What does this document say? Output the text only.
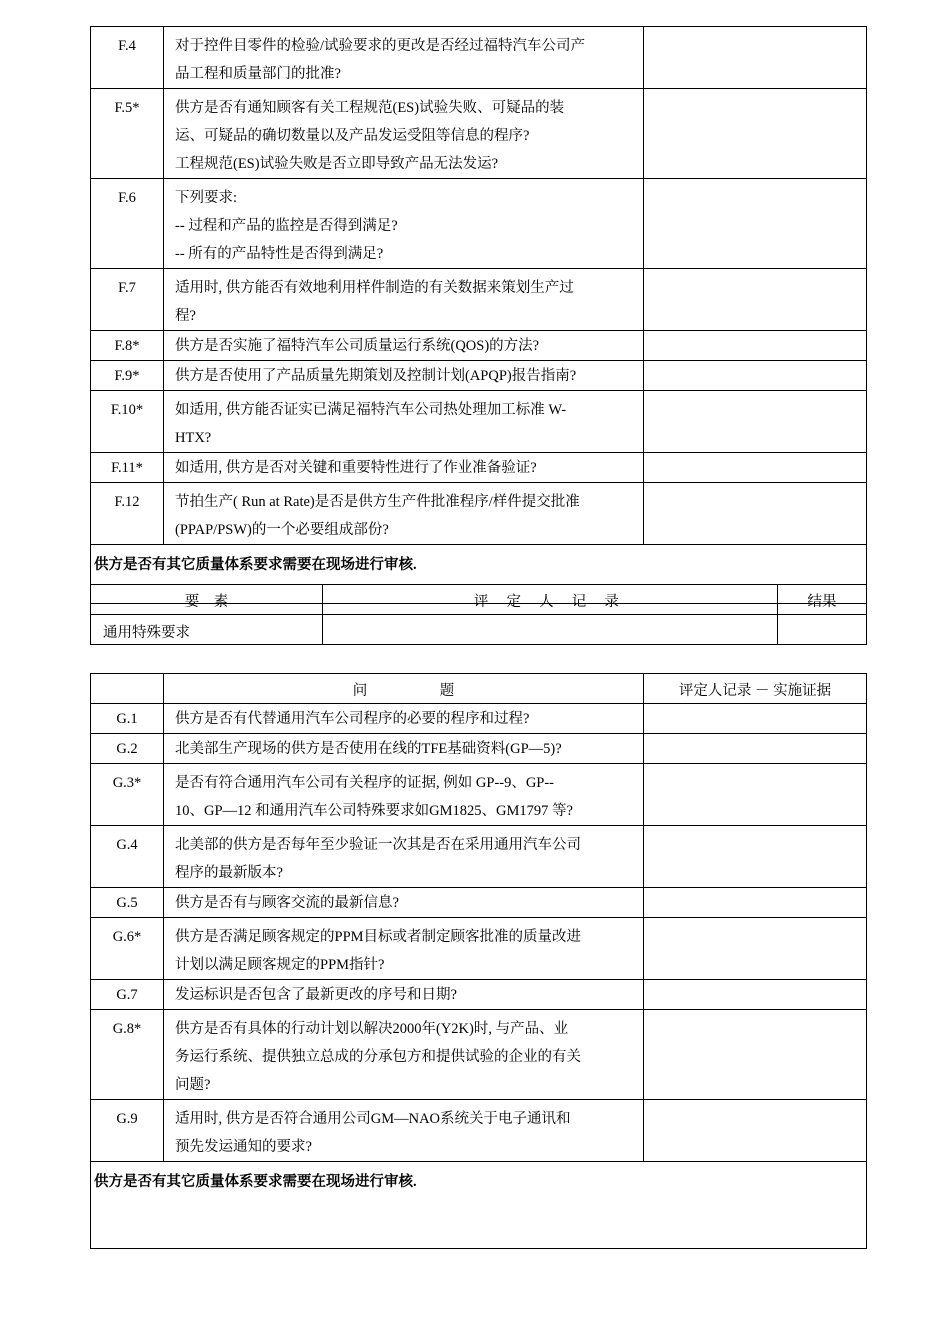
F.4	对于控件目零件的检验/试验要求的更改是否经过福特汽车公司产
品工程和质量部门的批准?	

F.5*	供方是否有通知顾客有关工程规范(ES)试验失败、可疑品的装
运、可疑品的确切数量以及产品发运受阻等信息的程序?
工程规范(ES)试验失败是否立即导致产品无法发运?	

F.6	下列要求:
-- 过程和产品的监控是否得到满足?
-- 所有的产品特性是否得到满足?	

F.7	适用时, 供方能否有效地利用样件制造的有关数据来策划生产过
程?	

F.8*	供方是否实施了福特汽车公司质量运行系统(QOS)的方法?	

F.9*	供方是否使用了产品质量先期策划及控制计划(APQP)报告指南?	

F.10*	如适用, 供方能否证实已满足福特汽车公司热处理加工标准 W-
HTX?	

F.11*	如适用, 供方是否对关键和重要特性进行了作业准备验证?	

F.12	节拍生产( Run at Rate)是否是供方生产件批准程序/样件提交批准
(PPAP/PSW)的一个必要组成部份?	

供方是否有其它质量体系要求需要在现场进行审核.		
要　素	评 定 人 记 录	结果
通用特殊要求		
	问　　　　　题	评定人记录 － 实施证据
G.1	供方是否有代替通用汽车公司程序的必要的程序和过程?	

G.2	北美部生产现场的供方是否使用在线的TFE基础资料(GP—5)?	

G.3*	是否有符合通用汽车公司有关程序的证据, 例如 GP--9、GP--
10、GP—12 和通用汽车公司特殊要求如GM1825、GM1797 等?	

G.4	北美部的供方是否每年至少验证一次其是否在采用通用汽车公司
程序的最新版本?	

G.5	供方是否有与顾客交流的最新信息?	

G.6*	供方是否满足顾客规定的PPM目标或者制定顾客批准的质量改进
计划以满足顾客规定的PPM指针?	

G.7	发运标识是否包含了最新更改的序号和日期?	

G.8*	供方是否有具体的行动计划以解决2000年(Y2K)时, 与产品、业
务运行系统、提供独立总成的分承包方和提供试验的企业的有关
问题?	

G.9	适用时, 供方是否符合通用公司GM—NAO系统关于电子通讯和
预先发运通知的要求?	

供方是否有其它质量体系要求需要在现场进行审核.		
